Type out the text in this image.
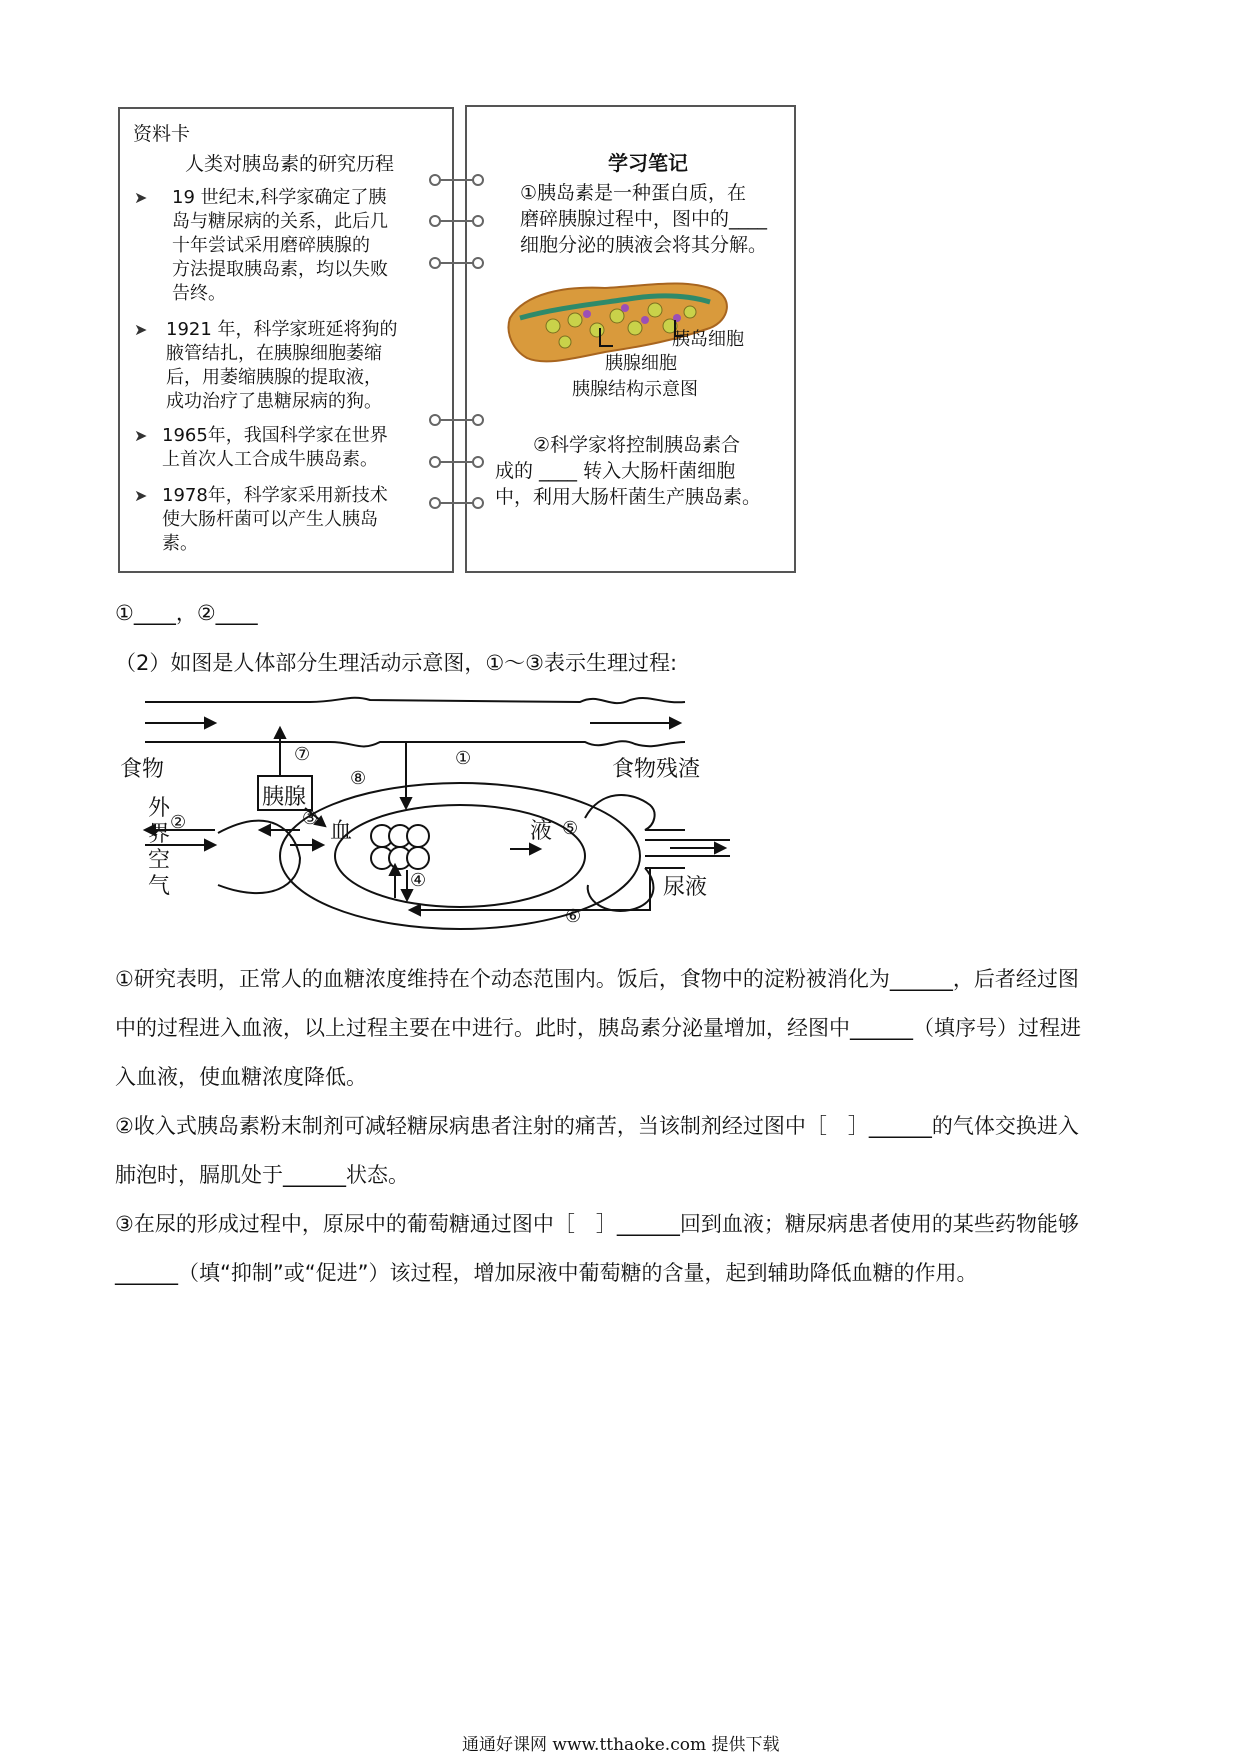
资料卡
人类对胰岛素的研究历程
➤ 19 世纪末,科学家确定了胰
岛与糖尿病的关系，此后几
十年尝试采用磨碎胰腺的
方法提取胰岛素，均以失败
告终。
➤ 1921 年，科学家班延将狗的
腋管结扎，在胰腺细胞萎缩
后，用萎缩胰腺的提取液，
成功治疗了患糖尿病的狗。
➤ 1965年，我国科学家在世界
上首次人工合成牛胰岛素。
➤ 1978年，科学家采用新技术
使大肠杆菌可以产生人胰岛
素。
学习笔记
①胰岛素是一种蛋白质，在
磨碎胰腺过程中，图中的____
细胞分泌的胰液会将其分解。
胰岛细胞
胰腺细胞
胰腺结构示意图
②科学家将控制胰岛素合
成的 ____ 转入大肠杆菌细胞
中，利用大肠杆菌生产胰岛素。
①____，②____
（2）如图是人体部分生理活动示意图，①～③表示生理过程:
食物	食物残渣
胰腺
外
界
空
气
血	液
尿液
①
②	③
④
⑤
⑥
⑦
⑧
①研究表明，正常人的血糖浓度维持在个动态范围内。饭后，食物中的淀粉被消化为______，后者经过图
中的过程进入血液，以上过程主要在中进行。此时，胰岛素分泌量增加，经图中______（填序号）过程进
入血液，使血糖浓度降低。
②收入式胰岛素粉末制剂可减轻糖尿病患者注射的痛苦，当该制剂经过图中［　］______的气体交换进入
肺泡时，膈肌处于______状态。
③在尿的形成过程中，原尿中的葡萄糖通过图中［　］______回到血液；糖尿病患者使用的某些药物能够
______（填“抑制”或“促进”）该过程，增加尿液中葡萄糖的含量，起到辅助降低血糖的作用。
通通好课网 www.tthaoke.com 提供下载
